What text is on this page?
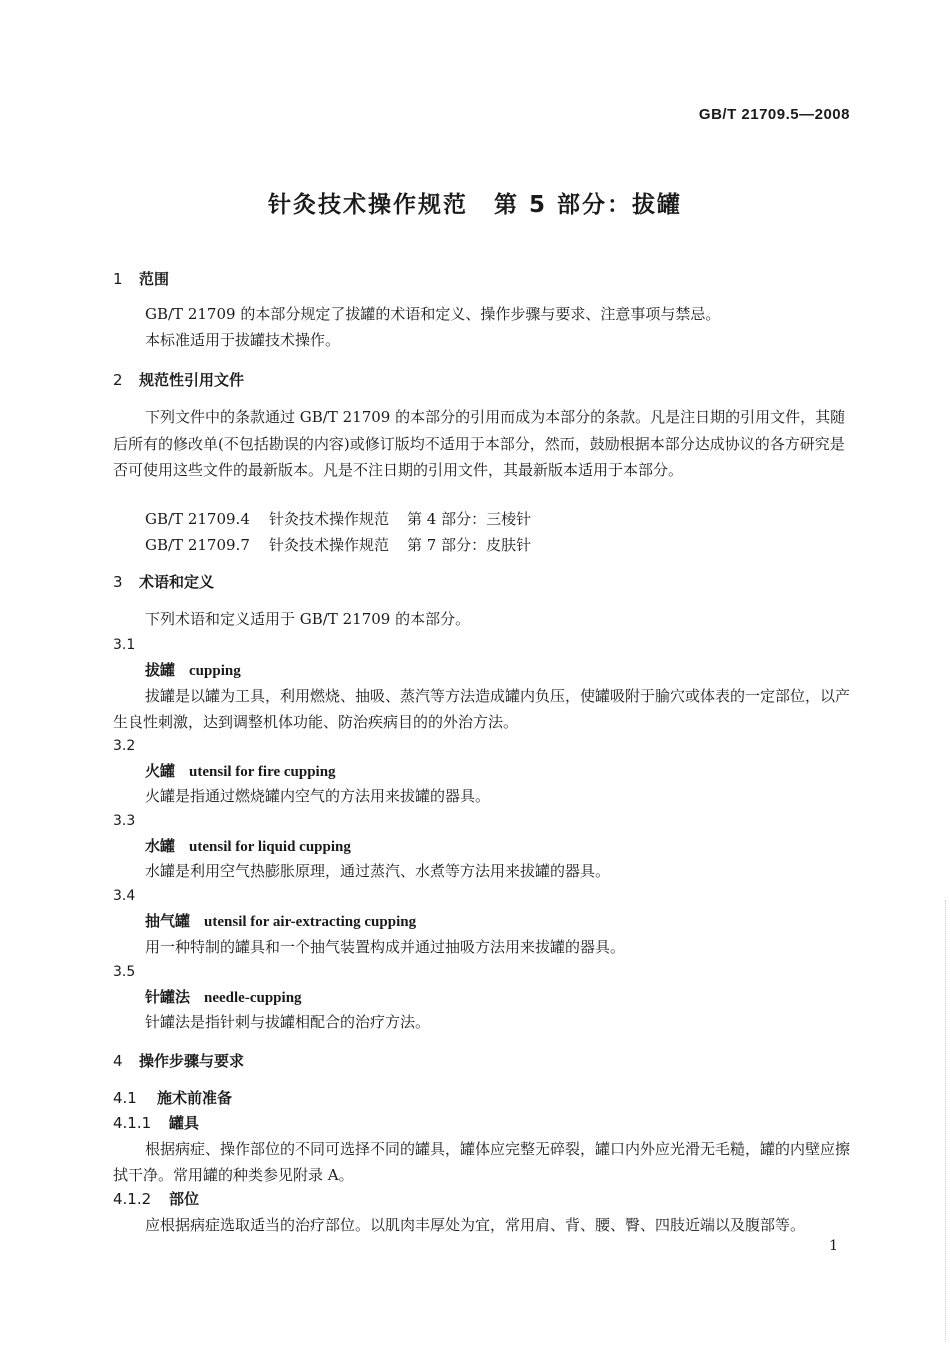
GB/T 21709.5—2008
针灸技术操作规范 第 5 部分：拔罐
1 范围
GB/T 21709 的本部分规定了拔罐的术语和定义、操作步骤与要求、注意事项与禁忌。
本标准适用于拔罐技术操作。
2 规范性引用文件
下列文件中的条款通过 GB/T 21709 的本部分的引用而成为本部分的条款。凡是注日期的引用文件，其随后所有的修改单(不包括勘误的内容)或修订版均不适用于本部分，然而，鼓励根据本部分达成协议的各方研究是否可使用这些文件的最新版本。凡是不注日期的引用文件，其最新版本适用于本部分。
GB/T 21709.4 针灸技术操作规范 第 4 部分：三棱针
GB/T 21709.7 针灸技术操作规范 第 7 部分：皮肤针
3 术语和定义
下列术语和定义适用于 GB/T 21709 的本部分。
3.1
拔罐 cupping
拔罐是以罐为工具，利用燃烧、抽吸、蒸汽等方法造成罐内负压，使罐吸附于腧穴或体表的一定部位，以产生良性刺激，达到调整机体功能、防治疾病目的的外治方法。
3.2
火罐 utensil for fire cupping
火罐是指通过燃烧罐内空气的方法用来拔罐的器具。
3.3
水罐 utensil for liquid cupping
水罐是利用空气热膨胀原理，通过蒸汽、水煮等方法用来拔罐的器具。
3.4
抽气罐 utensil for air-extracting cupping
用一种特制的罐具和一个抽气装置构成并通过抽吸方法用来拔罐的器具。
3.5
针罐法 needle-cupping
针罐法是指针刺与拔罐相配合的治疗方法。
4 操作步骤与要求
4.1 施术前准备
4.1.1 罐具
根据病症、操作部位的不同可选择不同的罐具，罐体应完整无碎裂，罐口内外应光滑无毛糙，罐的内壁应擦拭干净。常用罐的种类参见附录 A。
4.1.2 部位
应根据病症选取适当的治疗部位。以肌肉丰厚处为宜，常用肩、背、腰、臀、四肢近端以及腹部等。
1
